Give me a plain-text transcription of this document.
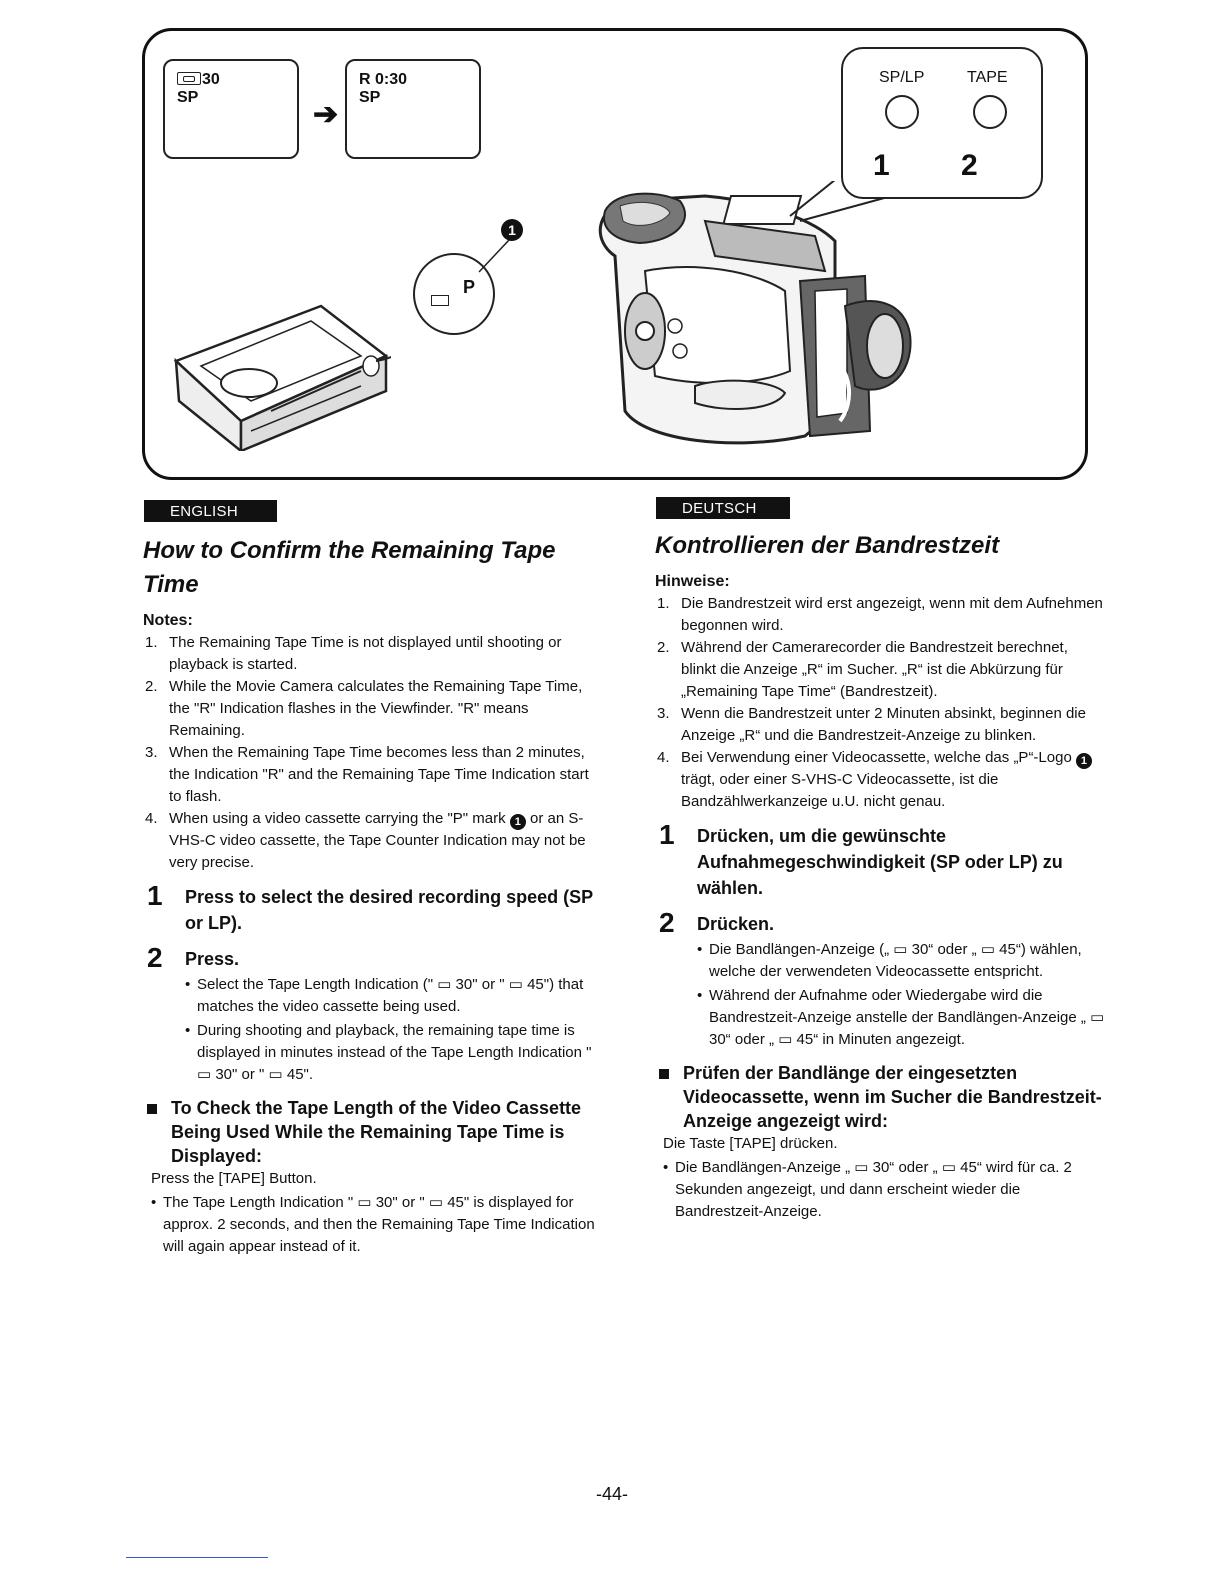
30
SP
➔
R 0:30
SP
P
1
SP/LP	TAPE
1 2
ENGLISH
How to Confirm the Remaining Tape Time
Notes:
1. The Remaining Tape Time is not displayed until shooting or playback is started.
2. While the Movie Camera calculates the Remaining Tape Time, the "R" Indication flashes in the Viewfinder. "R" means Remaining.
3. When the Remaining Tape Time becomes less than 2 minutes, the Indication "R" and the Remaining Tape Time Indication start to flash.
4. When using a video cassette carrying the "P" mark 1 or an S-VHS-C video cassette, the Tape Counter Indication may not be very precise.
1 Press to select the desired recording speed (SP or LP).
2 Press.
• Select the Tape Length Indication (" ▭ 30" or " ▭ 45") that matches the video cassette being used.
• During shooting and playback, the remaining tape time is displayed in minutes instead of the Tape Length Indication " ▭ 30" or " ▭ 45".
To Check the Tape Length of the Video Cassette Being Used While the Remaining Tape Time is Displayed:
Press the [TAPE] Button.
• The Tape Length Indication " ▭ 30" or " ▭ 45" is displayed for approx. 2 seconds, and then the Remaining Tape Time Indication will again appear instead of it.
DEUTSCH
Kontrollieren der Bandrestzeit
Hinweise:
1. Die Bandrestzeit wird erst angezeigt, wenn mit dem Aufnehmen begonnen wird.
2. Während der Camerarecorder die Bandrestzeit berechnet, blinkt die Anzeige „R“ im Sucher. „R“ ist die Abkürzung für „Remaining Tape Time“ (Bandrestzeit).
3. Wenn die Bandrestzeit unter 2 Minuten absinkt, beginnen die Anzeige „R“ und die Bandrestzeit-Anzeige zu blinken.
4. Bei Verwendung einer Videocassette, welche das „P“-Logo 1 trägt, oder einer S-VHS-C Videocassette, ist die Bandzählwerkanzeige u.U. nicht genau.
1 Drücken, um die gewünschte Aufnahmegeschwindigkeit (SP oder LP) zu wählen.
2 Drücken.
• Die Bandlängen-Anzeige („ ▭ 30“ oder „ ▭ 45“) wählen, welche der verwendeten Videocassette entspricht.
• Während der Aufnahme oder Wiedergabe wird die Bandrestzeit-Anzeige anstelle der Bandlängen-Anzeige „ ▭ 30“ oder „ ▭ 45“ in Minuten angezeigt.
Prüfen der Bandlänge der eingesetzten Videocassette, wenn im Sucher die Bandrestzeit-Anzeige angezeigt wird:
Die Taste [TAPE] drücken.
• Die Bandlängen-Anzeige „ ▭ 30“ oder „ ▭ 45“ wird für ca. 2 Sekunden angezeigt, und dann erscheint wieder die Bandrestzeit-Anzeige.
-44-
